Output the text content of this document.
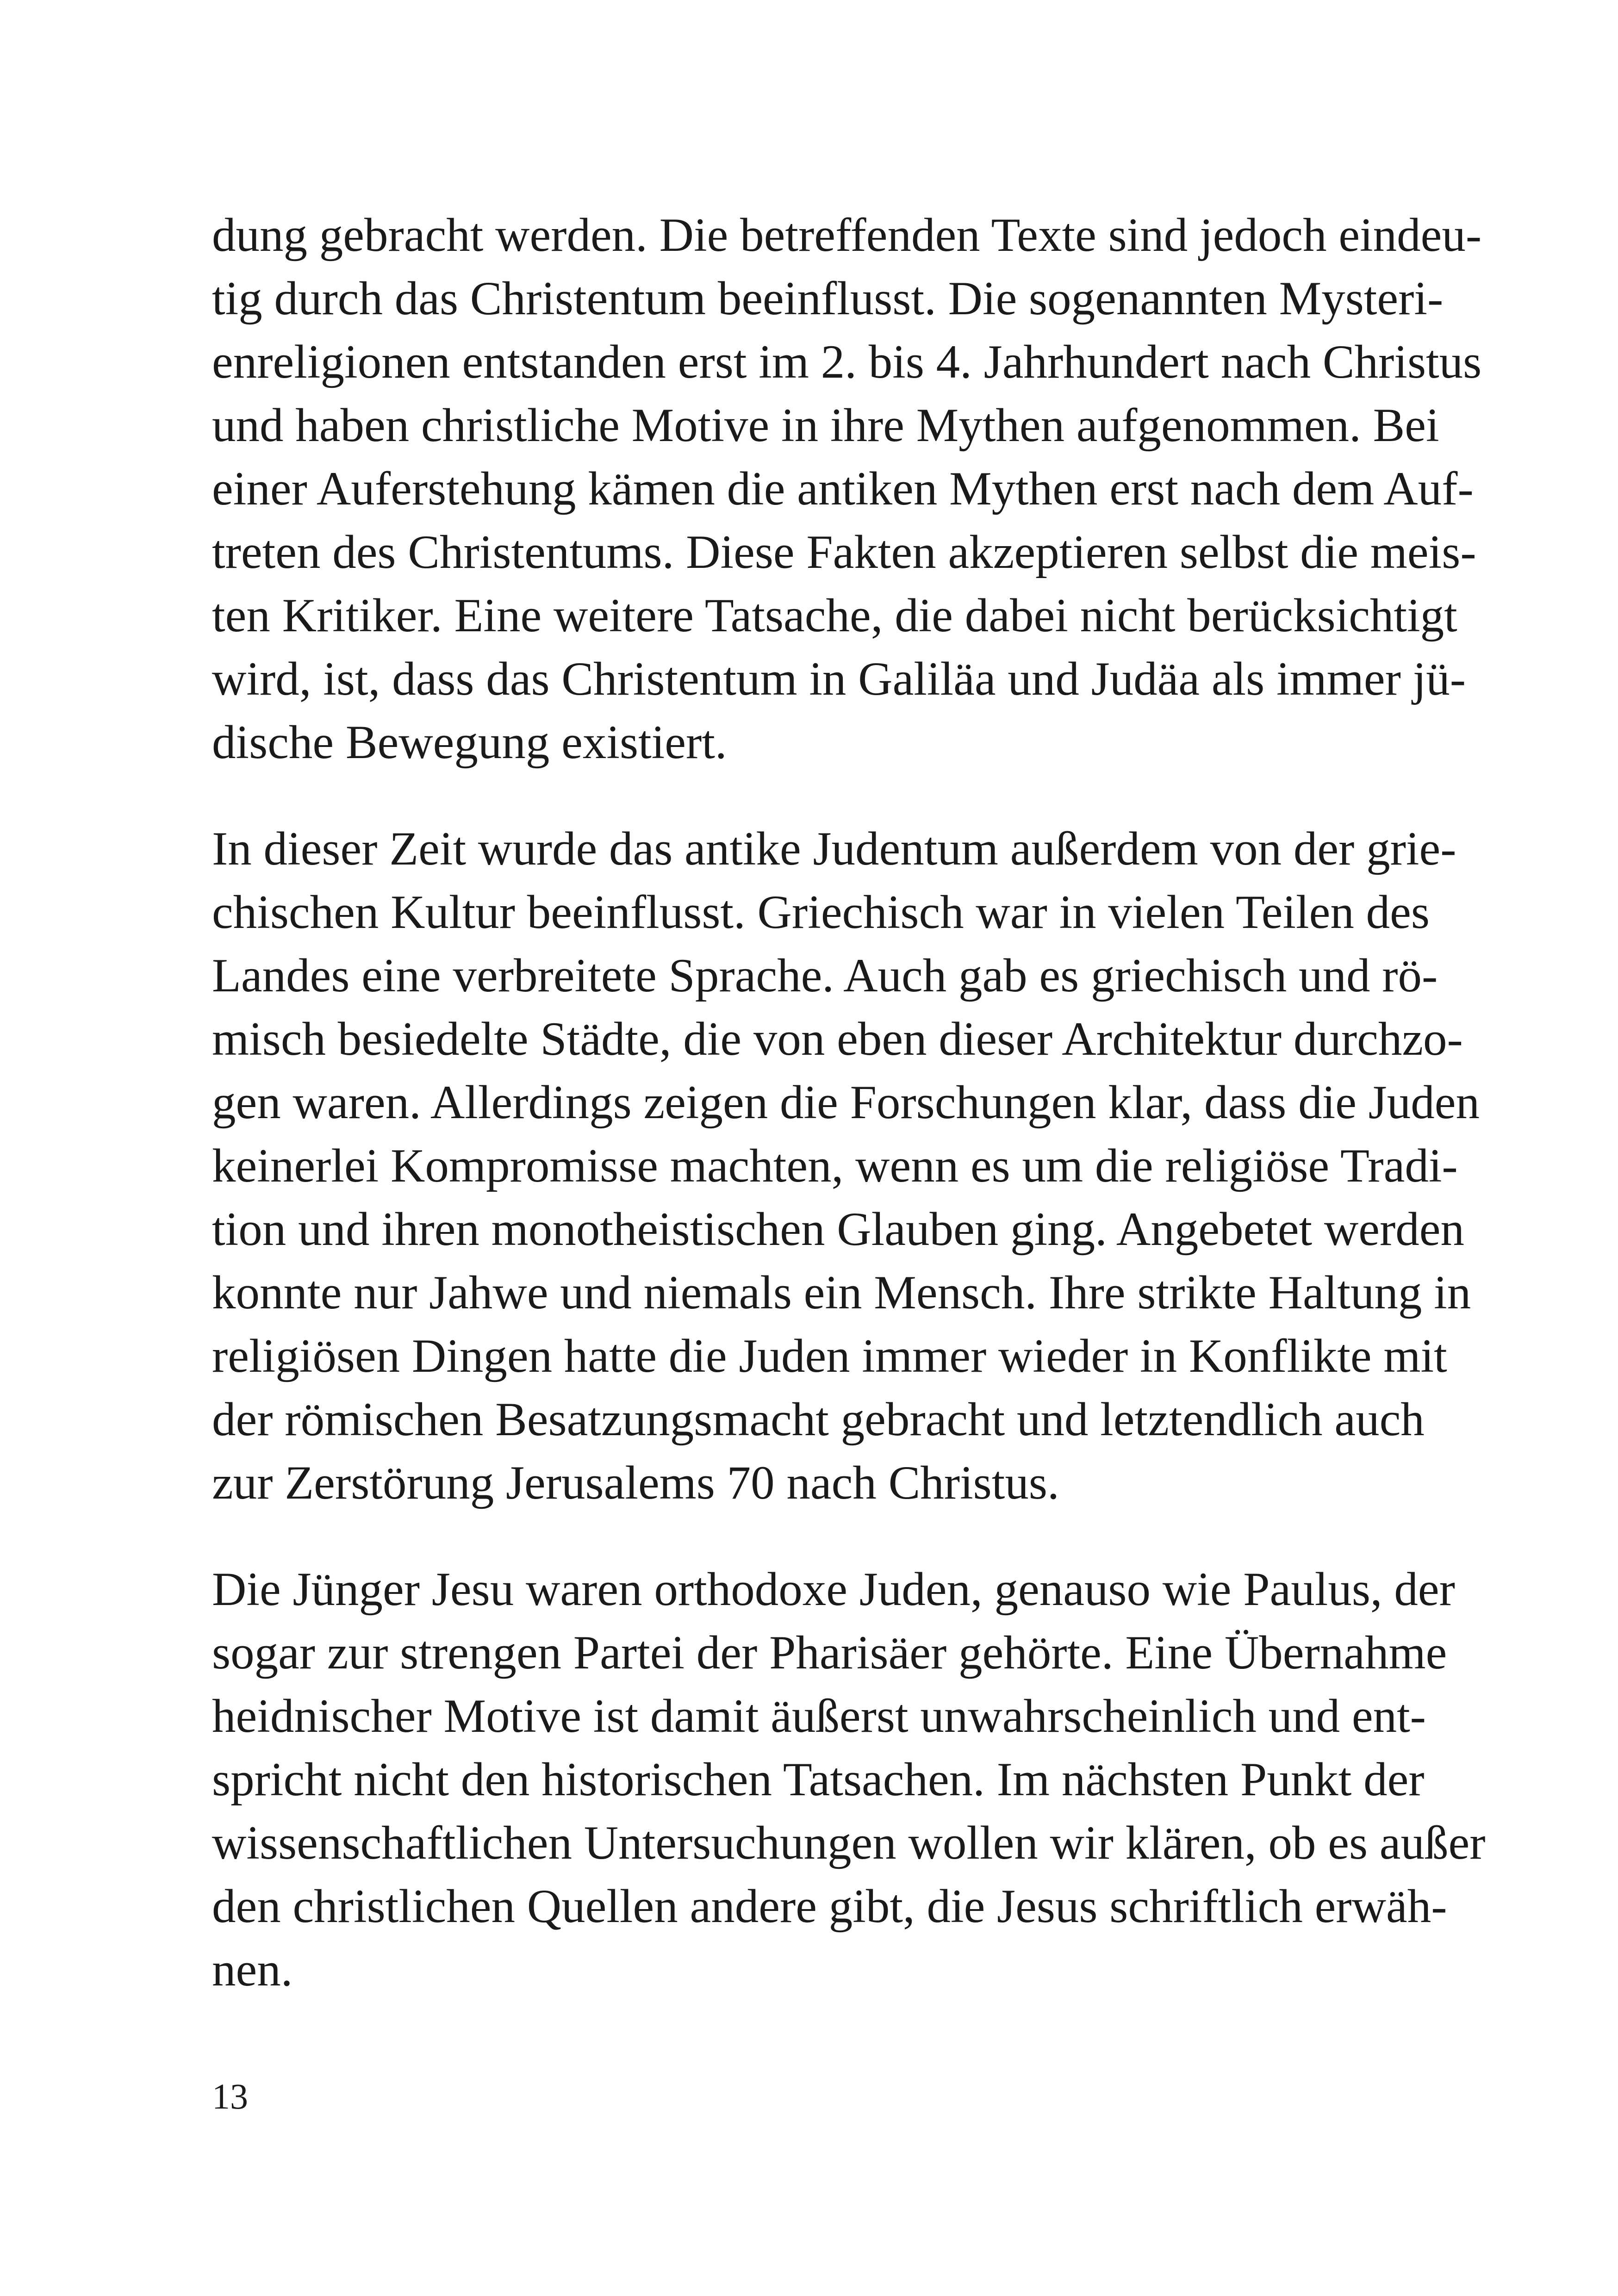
dung gebracht werden. Die betreffenden Texte sind jedoch eindeu-
tig durch das Christentum beeinflusst. Die sogenannten Mysteri-
enreligionen entstanden erst im 2. bis 4. Jahrhundert nach Christus
und haben christliche Motive in ihre Mythen aufgenommen. Bei
einer Auferstehung kämen die antiken Mythen erst nach dem Auf-
treten des Christentums. Diese Fakten akzeptieren selbst die meis-
ten Kritiker. Eine weitere Tatsache, die dabei nicht berücksichtigt
wird, ist, dass das Christentum in Galiläa und Judäa als immer jü-
dische Bewegung existiert.

In dieser Zeit wurde das antike Judentum außerdem von der grie-
chischen Kultur beeinflusst. Griechisch war in vielen Teilen des
Landes eine verbreitete Sprache. Auch gab es griechisch und rö-
misch besiedelte Städte, die von eben dieser Architektur durchzo-
gen waren. Allerdings zeigen die Forschungen klar, dass die Juden
keinerlei Kompromisse machten, wenn es um die religiöse Tradi-
tion und ihren monotheistischen Glauben ging. Angebetet werden
konnte nur Jahwe und niemals ein Mensch. Ihre strikte Haltung in
religiösen Dingen hatte die Juden immer wieder in Konflikte mit
der römischen Besatzungsmacht gebracht und letztendlich auch
zur Zerstörung Jerusalems 70 nach Christus.

Die Jünger Jesu waren orthodoxe Juden, genauso wie Paulus, der
sogar zur strengen Partei der Pharisäer gehörte. Eine Übernahme
heidnischer Motive ist damit äußerst unwahrscheinlich und ent-
spricht nicht den historischen Tatsachen. Im nächsten Punkt der
wissenschaftlichen Untersuchungen wollen wir klären, ob es außer
den christlichen Quellen andere gibt, die Jesus schriftlich erwäh-
nen.

13
